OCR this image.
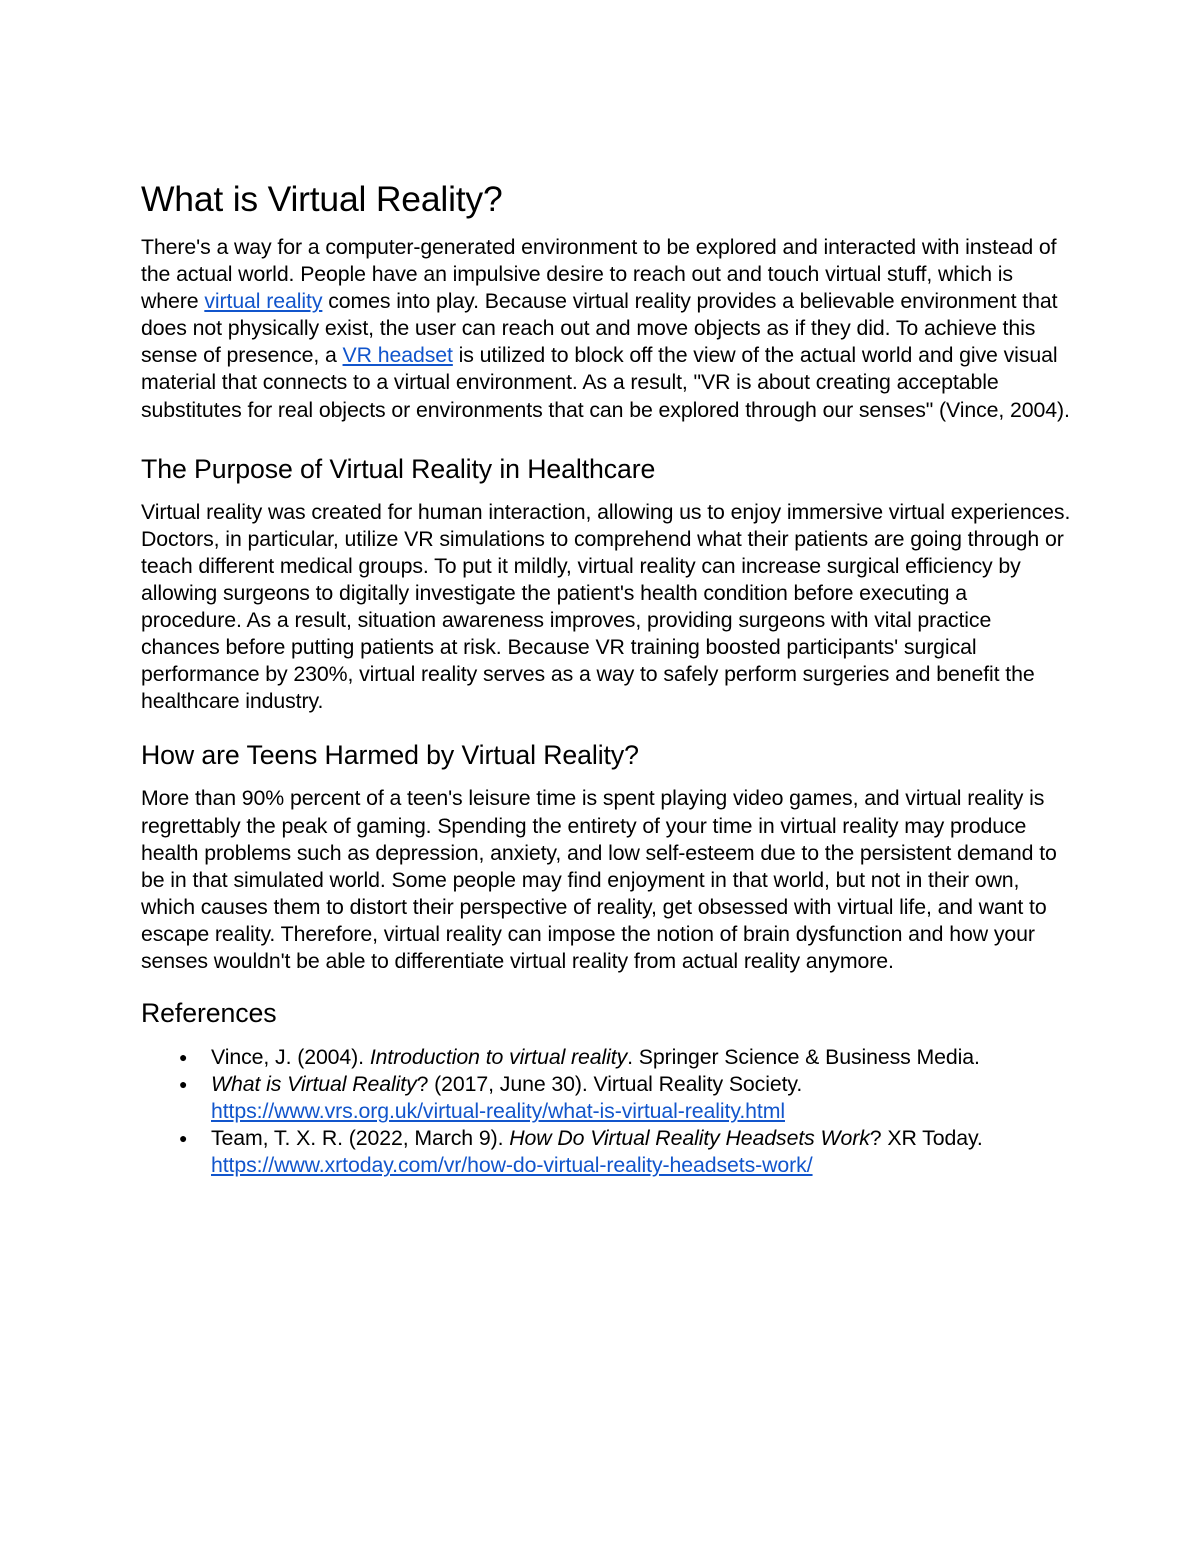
What is Virtual Reality?

There's a way for a computer-generated environment to be explored and interacted with instead of the actual world. People have an impulsive desire to reach out and touch virtual stuff, which is where virtual reality comes into play. Because virtual reality provides a believable environment that does not physically exist, the user can reach out and move objects as if they did. To achieve this sense of presence, a VR headset is utilized to block off the view of the actual world and give visual material that connects to a virtual environment. As a result, "VR is about creating acceptable substitutes for real objects or environments that can be explored through our senses" (Vince, 2004).

The Purpose of Virtual Reality in Healthcare

Virtual reality was created for human interaction, allowing us to enjoy immersive virtual experiences. Doctors, in particular, utilize VR simulations to comprehend what their patients are going through or teach different medical groups. To put it mildly, virtual reality can increase surgical efficiency by allowing surgeons to digitally investigate the patient's health condition before executing a procedure. As a result, situation awareness improves, providing surgeons with vital practice chances before putting patients at risk. Because VR training boosted participants' surgical performance by 230%, virtual reality serves as a way to safely perform surgeries and benefit the healthcare industry.

How are Teens Harmed by Virtual Reality?

More than 90% percent of a teen's leisure time is spent playing video games, and virtual reality is regrettably the peak of gaming. Spending the entirety of your time in virtual reality may produce health problems such as depression, anxiety, and low self-esteem due to the persistent demand to be in that simulated world. Some people may find enjoyment in that world, but not in their own, which causes them to distort their perspective of reality, get obsessed with virtual life, and want to escape reality. Therefore, virtual reality can impose the notion of brain dysfunction and how your senses wouldn't be able to differentiate virtual reality from actual reality anymore.

References
● Vince, J. (2004). Introduction to virtual reality. Springer Science & Business Media.
● What is Virtual Reality? (2017, June 30). Virtual Reality Society. https://www.vrs.org.uk/virtual-reality/what-is-virtual-reality.html
● Team, T. X. R. (2022, March 9). How Do Virtual Reality Headsets Work? XR Today. https://www.xrtoday.com/vr/how-do-virtual-reality-headsets-work/
